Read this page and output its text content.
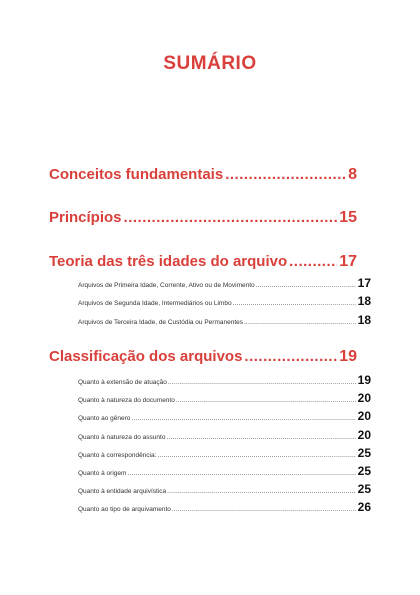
SUMÁRIO
Conceitos fundamentais .....	8
Princípios .....	15
Teoria das três idades do arquivo .....	17
Arquivos de Primeira Idade, Corrente, Ativo ou de Movimento .....	17
Arquivos de Segunda Idade, Intermediários ou Limbo .....	18
Arquivos de Terceira Idade, de Custódia ou Permanentes .....	18
Classificação dos arquivos .....	19
Quanto à extensão de atuação .....	19
Quanto à natureza do documento .....	20
Quanto ao gênero .....	20
Quanto à natureza do assunto .....	20
Quanto à correspondência: .....	25
Quanto à origem .....	25
Quanto à entidade arquivística .....	25
Quanto ao tipo de arquivamento .....	26
